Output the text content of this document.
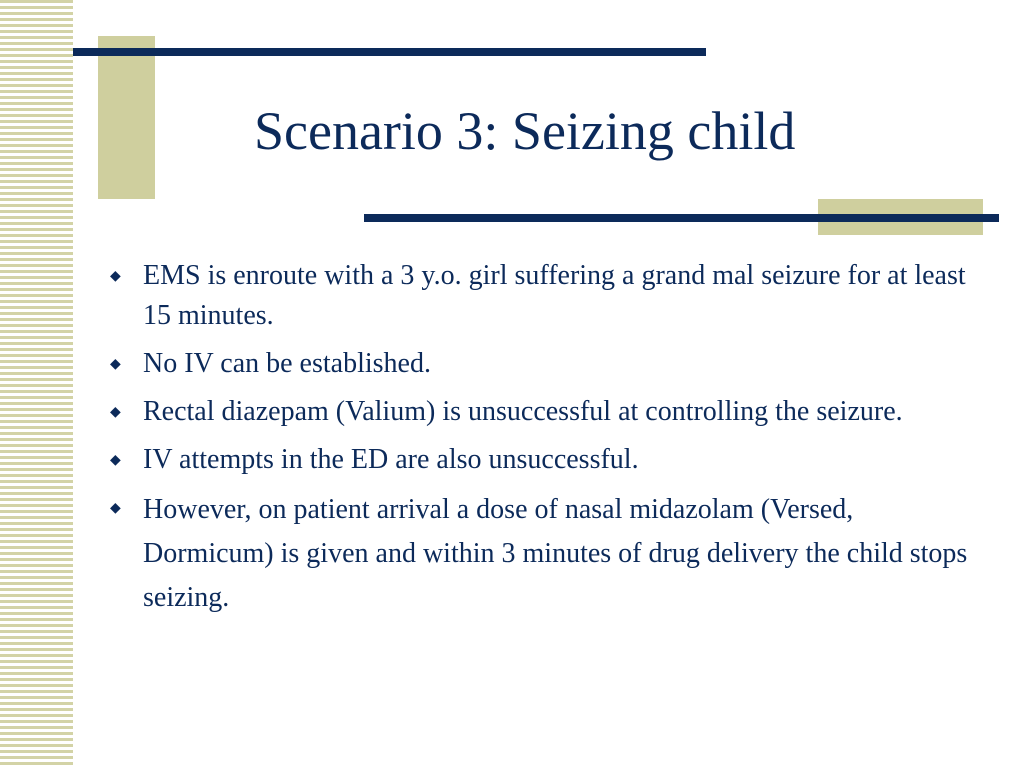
Scenario 3: Seizing child
◆ EMS is enroute with a 3 y.o. girl suffering a grand mal seizure for at least 15 minutes.
◆ No IV can be established.
◆ Rectal diazepam (Valium) is unsuccessful at controlling the seizure.
◆ IV attempts in the ED are also unsuccessful.
◆ However, on patient arrival a dose of nasal midazolam (Versed, Dormicum) is given and within 3 minutes of drug delivery the child stops seizing.
